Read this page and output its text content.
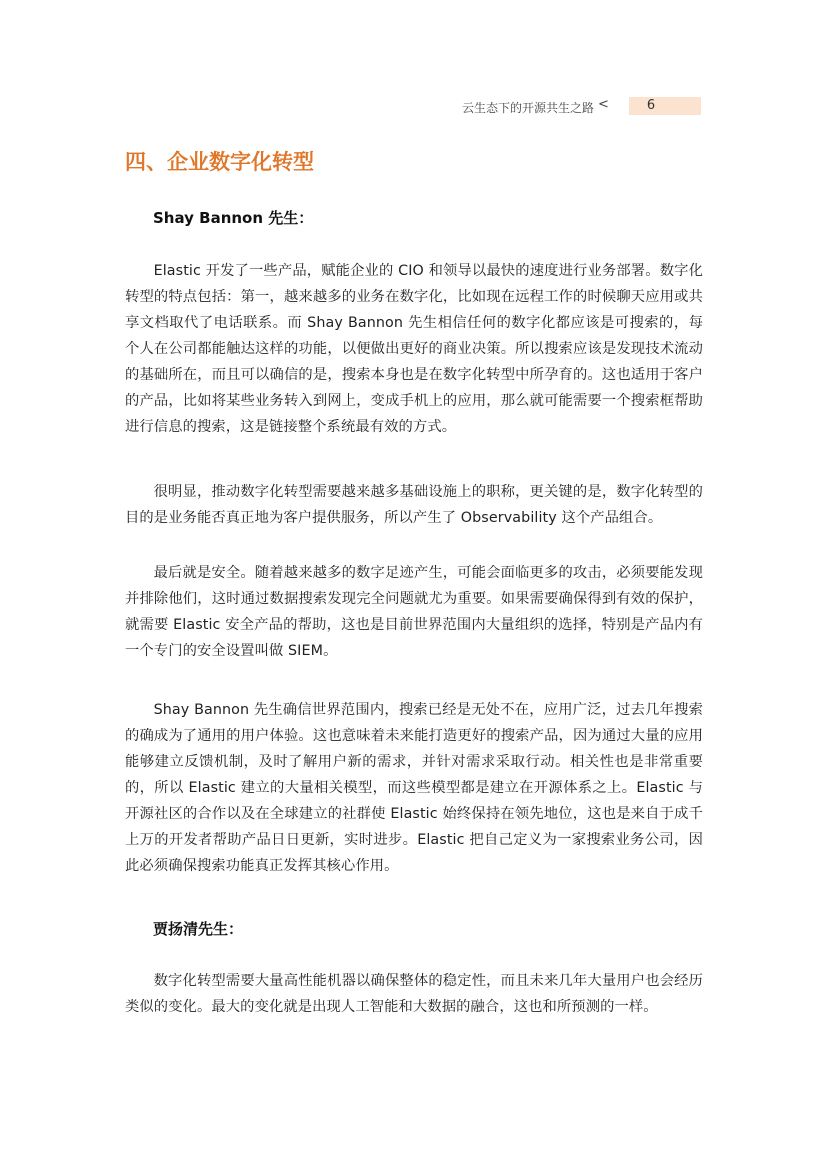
云生态下的开源共生之路 <	6
四、企业数字化转型
Shay Bannon 先生：

Elastic 开发了一些产品，赋能企业的 CIO 和领导以最快的速度进行业务部署。数字化转型的特点包括：第一，越来越多的业务在数字化，比如现在远程工作的时候聊天应用或共享文档取代了电话联系。而 Shay Bannon 先生相信任何的数字化都应该是可搜索的，每个人在公司都能触达这样的功能，以便做出更好的商业决策。所以搜索应该是发现技术流动的基础所在，而且可以确信的是，搜索本身也是在数字化转型中所孕育的。这也适用于客户的产品，比如将某些业务转入到网上，变成手机上的应用，那么就可能需要一个搜索框帮助进行信息的搜索，这是链接整个系统最有效的方式。

很明显，推动数字化转型需要越来越多基础设施上的职称，更关键的是，数字化转型的目的是业务能否真正地为客户提供服务，所以产生了 Observability 这个产品组合。

最后就是安全。随着越来越多的数字足迹产生，可能会面临更多的攻击，必须要能发现并排除他们，这时通过数据搜索发现完全问题就尤为重要。如果需要确保得到有效的保护，就需要 Elastic 安全产品的帮助，这也是目前世界范围内大量组织的选择，特别是产品内有一个专门的安全设置叫做 SIEM。

Shay Bannon 先生确信世界范围内，搜索已经是无处不在，应用广泛，过去几年搜索的确成为了通用的用户体验。这也意味着未来能打造更好的搜索产品，因为通过大量的应用能够建立反馈机制，及时了解用户新的需求，并针对需求采取行动。相关性也是非常重要的，所以 Elastic 建立的大量相关模型，而这些模型都是建立在开源体系之上。Elastic 与开源社区的合作以及在全球建立的社群使 Elastic 始终保持在领先地位，这也是来自于成千上万的开发者帮助产品日日更新，实时进步。Elastic 把自己定义为一家搜索业务公司，因此必须确保搜索功能真正发挥其核心作用。

贾扬清先生：

数字化转型需要大量高性能机器以确保整体的稳定性，而且未来几年大量用户也会经历类似的变化。最大的变化就是出现人工智能和大数据的融合，这也和所预测的一样。
